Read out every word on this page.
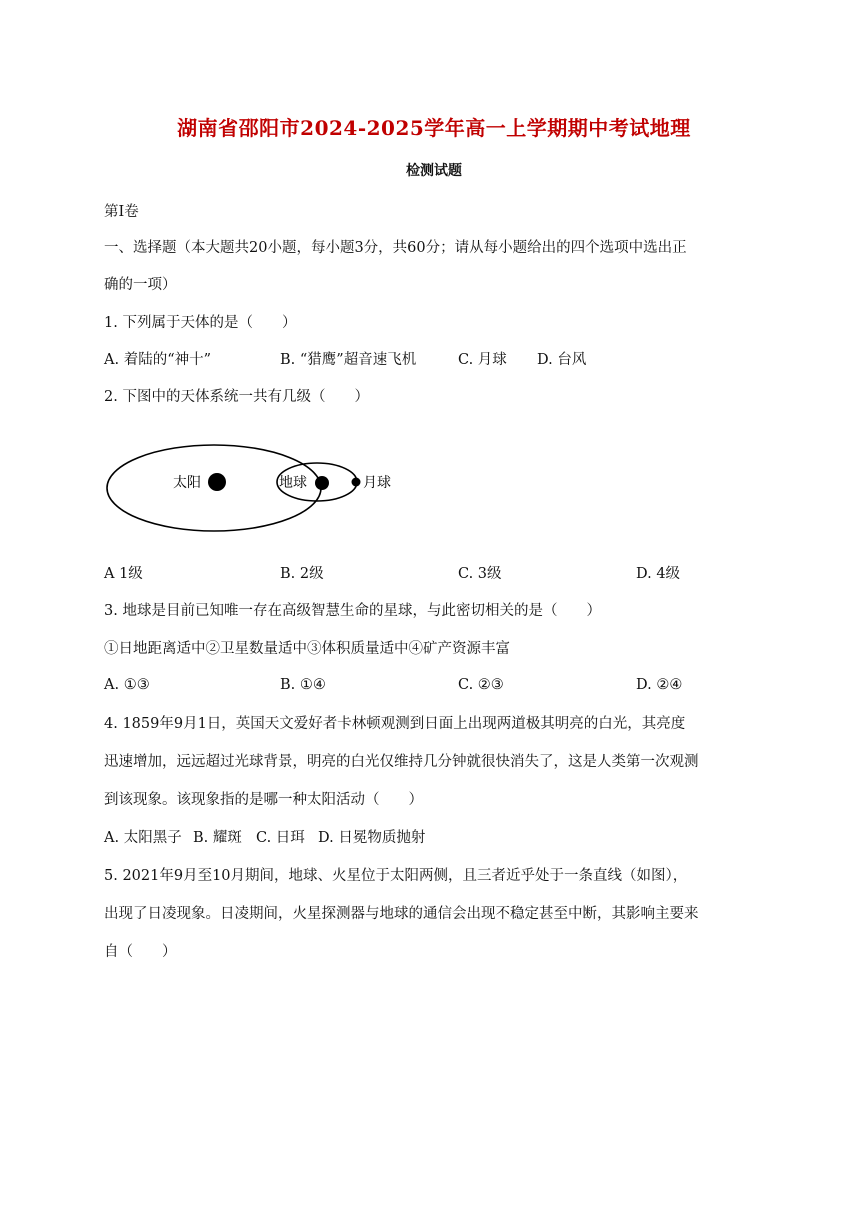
湖南省邵阳市2024-2025学年高一上学期期中考试地理
检测试题
第Ⅰ卷
一、选择题（本大题共20小题，每小题3分，共60分；请从每小题给出的四个选项中选出正
确的一项）
1. 下列属于天体的是（　　）
A. 着陆的“神十”	B. “猎鹰”超音速飞机	C. 月球 D. 台风
2. 下图中的天体系统一共有几级（　　）
太阳	地球	月球
A 1级	B. 2级	C. 3级	D. 4级
3. 地球是目前已知唯一存在高级智慧生命的星球，与此密切相关的是（　　）
①日地距离适中②卫星数量适中③体积质量适中④矿产资源丰富
A. ①③	B. ①④	C. ②③	D. ②④
4. 1859年9月1日，英国天文爱好者卡林顿观测到日面上出现两道极其明亮的白光，其亮度
迅速增加，远远超过光球背景，明亮的白光仅维持几分钟就很快消失了，这是人类第一次观测
到该现象。该现象指的是哪一种太阳活动（　　）
A. 太阳黑子 B. 耀斑 C. 日珥 D. 日冕物质抛射
5. 2021年9月至10月期间，地球、火星位于太阳两侧，且三者近乎处于一条直线（如图），
出现了日凌现象。日凌期间，火星探测器与地球的通信会出现不稳定甚至中断，其影响主要来
自（　　）
